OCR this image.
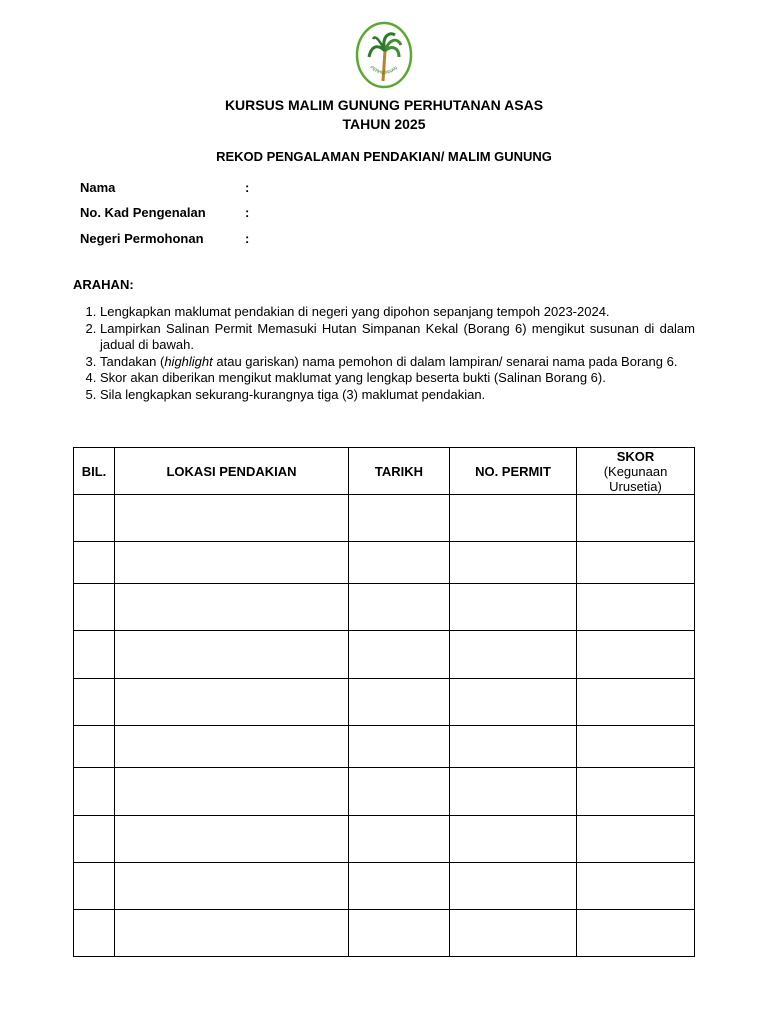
PERHUTANAN
KURSUS MALIM GUNUNG PERHUTANAN ASAS
TAHUN 2025
REKOD PENGALAMAN PENDAKIAN/ MALIM GUNUNG
Nama	:
No. Kad Pengenalan	:
Negeri Permohonan	:
ARAHAN:
1. Lengkapkan maklumat pendakian di negeri yang dipohon sepanjang tempoh 2023-2024.
2. Lampirkan Salinan Permit Memasuki Hutan Simpanan Kekal (Borang 6) mengikut susunan di dalam jadual di bawah.
3. Tandakan (highlight atau gariskan) nama pemohon di dalam lampiran/ senarai nama pada Borang 6.
4. Skor akan diberikan mengikut maklumat yang lengkap beserta bukti (Salinan Borang 6).
5. Sila lengkapkan sekurang-kurangnya tiga (3) maklumat pendakian.
BIL.	LOKASI PENDAKIAN	TARIKH	NO. PERMIT	SKOR
(Kegunaan Urusetia)
